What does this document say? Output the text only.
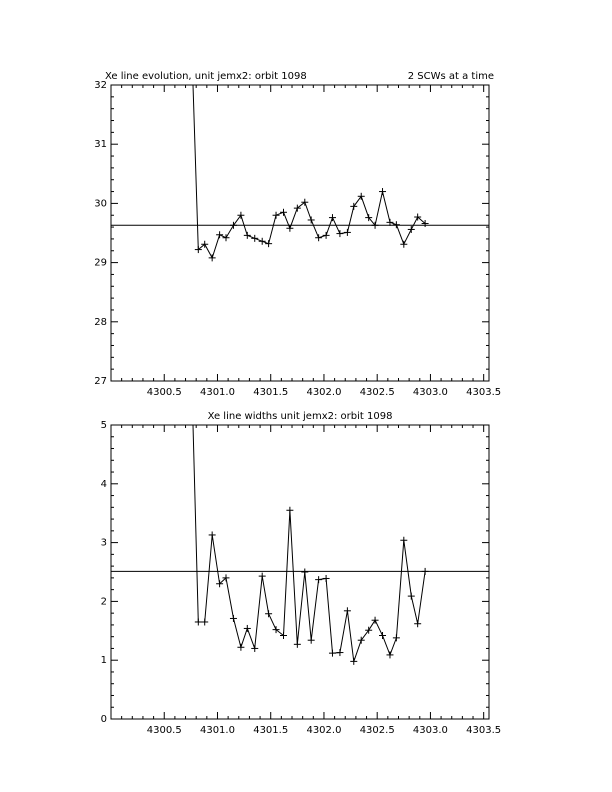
Xe line evolution, unit jemx2: orbit 1098	2 SCWs at a time
4300.5 4301.0 4301.5 4302.0 4302.5 4303.0 4303.5
27
28
29
30
31
32
Xe line widths unit jemx2: orbit 1098
4300.5 4301.0 4301.5 4302.0 4302.5 4303.0 4303.5
0
1
2
3
4
5
